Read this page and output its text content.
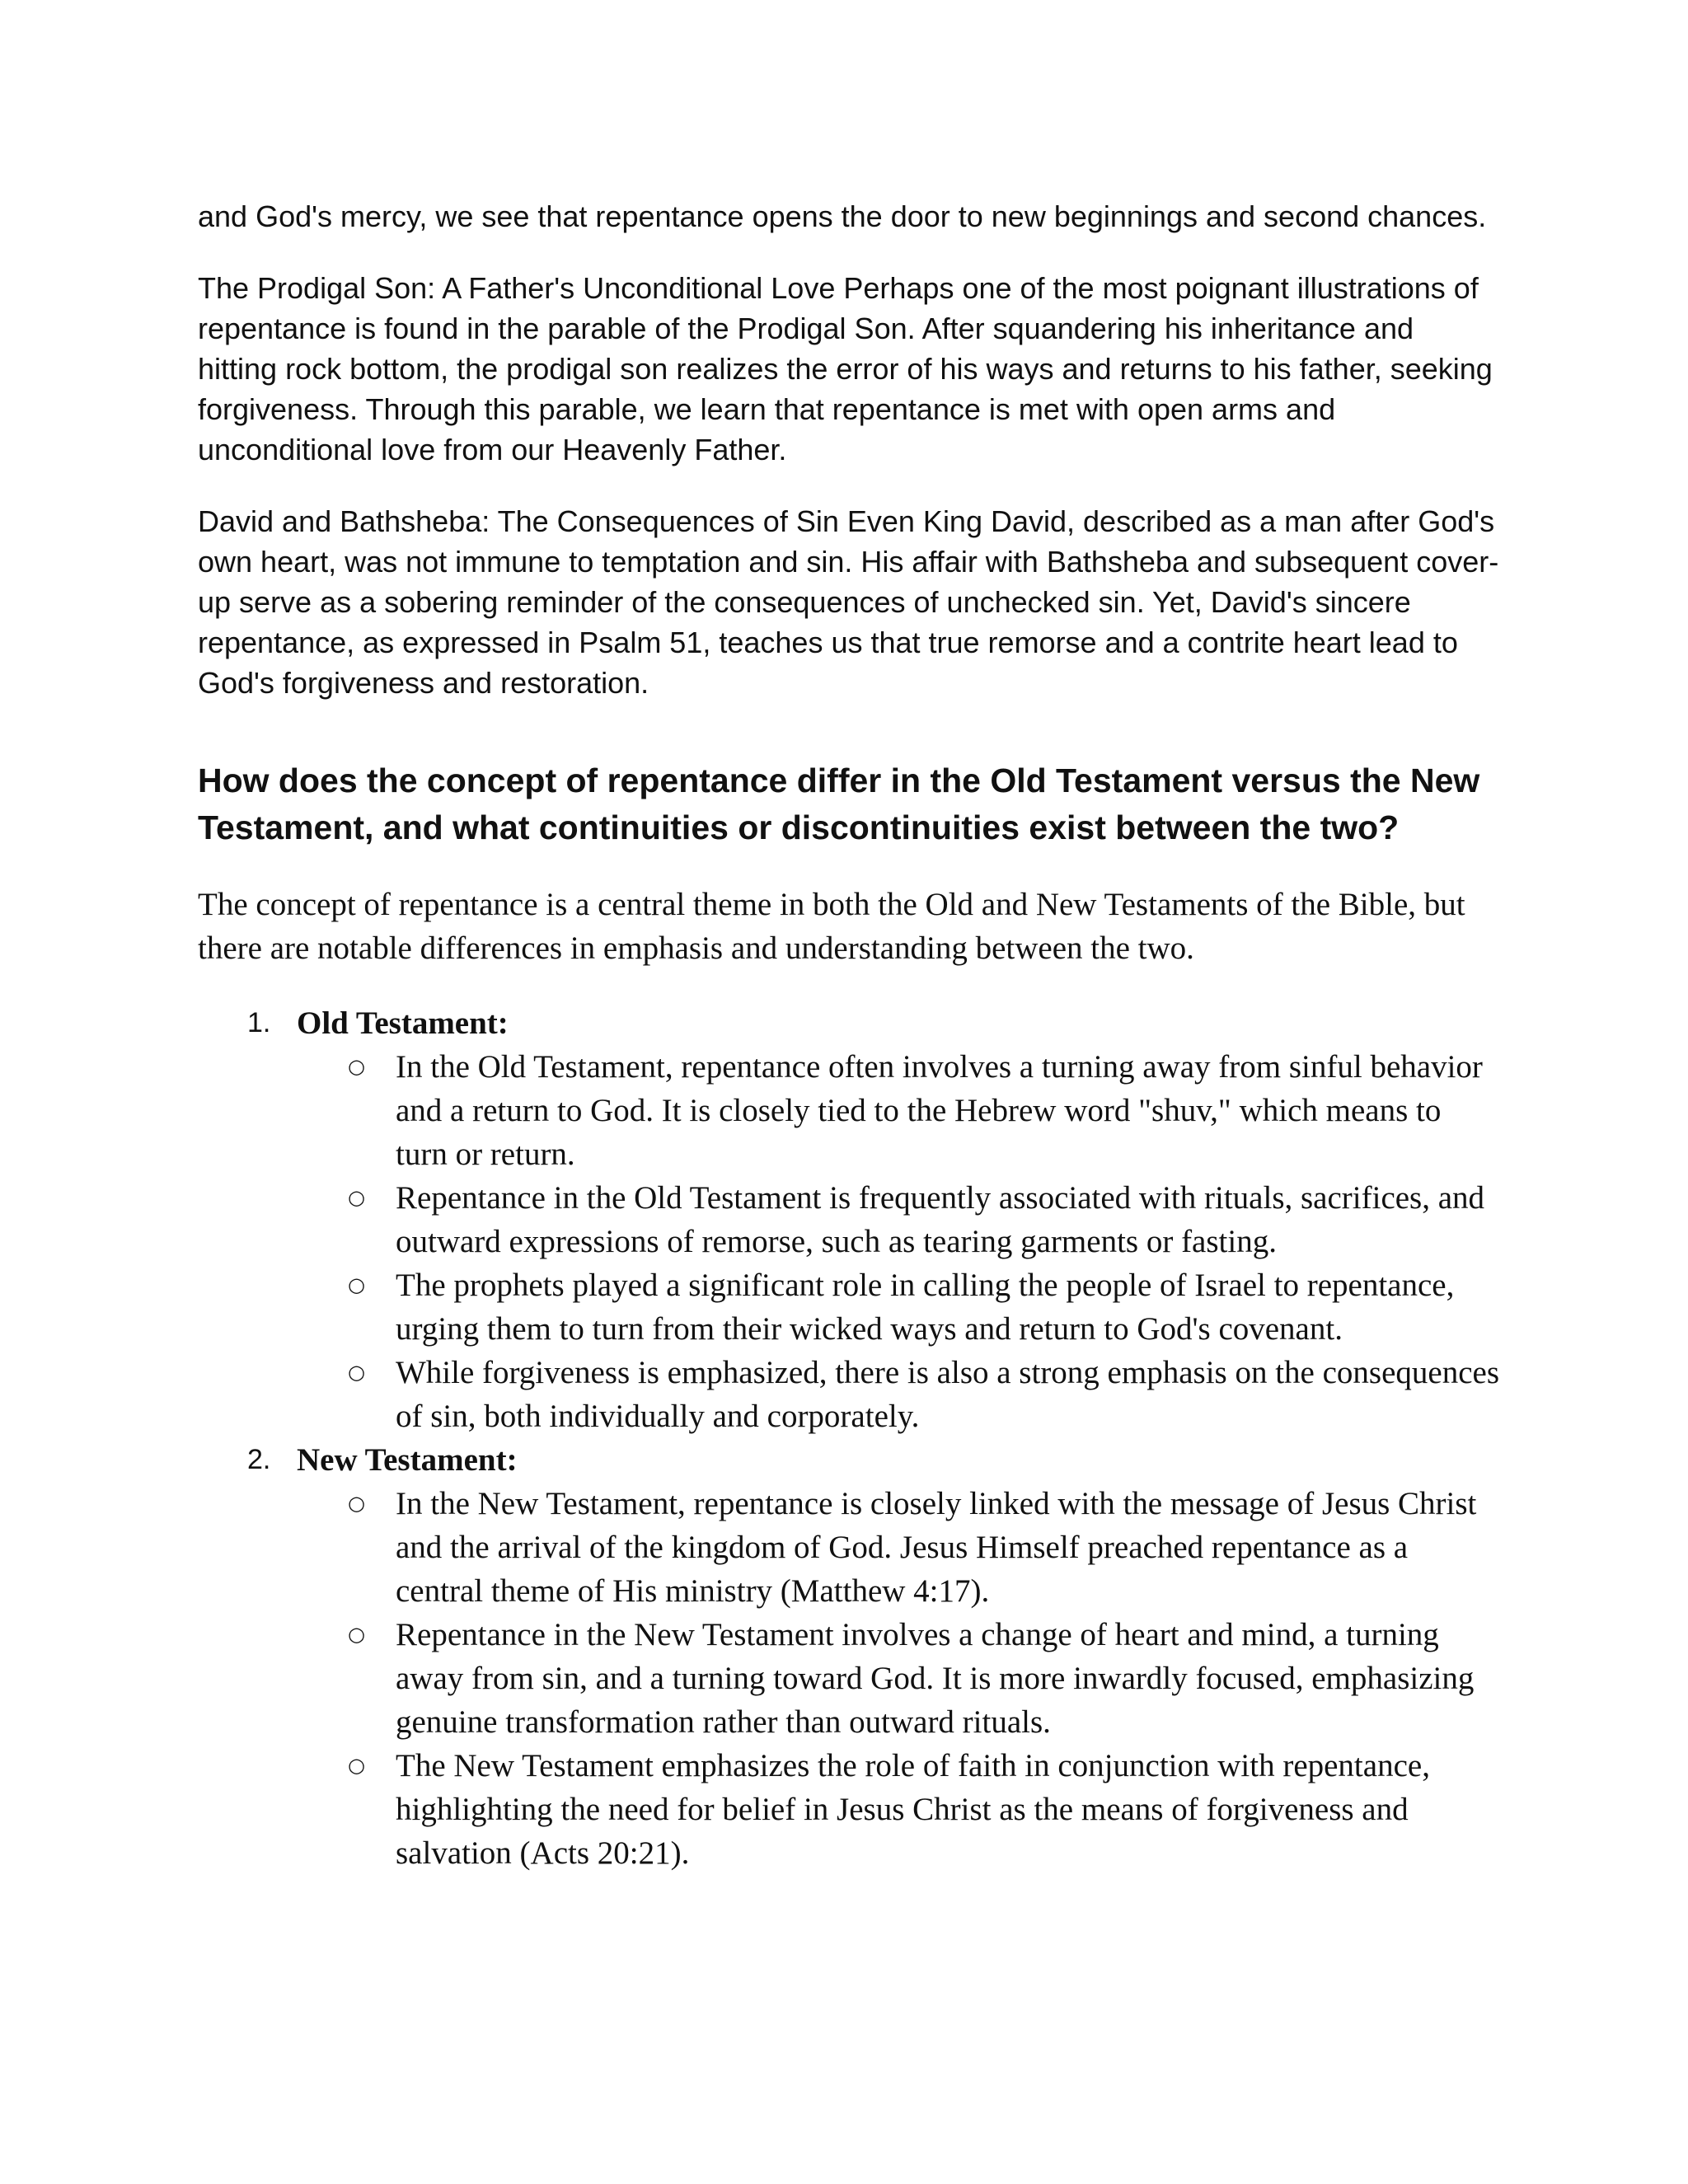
and God's mercy, we see that repentance opens the door to new beginnings and second chances.

The Prodigal Son: A Father's Unconditional Love Perhaps one of the most poignant illustrations of repentance is found in the parable of the Prodigal Son. After squandering his inheritance and hitting rock bottom, the prodigal son realizes the error of his ways and returns to his father, seeking forgiveness. Through this parable, we learn that repentance is met with open arms and unconditional love from our Heavenly Father.

David and Bathsheba: The Consequences of Sin Even King David, described as a man after God's own heart, was not immune to temptation and sin. His affair with Bathsheba and subsequent cover-up serve as a sobering reminder of the consequences of unchecked sin. Yet, David's sincere repentance, as expressed in Psalm 51, teaches us that true remorse and a contrite heart lead to God's forgiveness and restoration.

How does the concept of repentance differ in the Old Testament versus the New Testament, and what continuities or discontinuities exist between the two?

The concept of repentance is a central theme in both the Old and New Testaments of the Bible, but there are notable differences in emphasis and understanding between the two.

1. Old Testament:
○ In the Old Testament, repentance often involves a turning away from sinful behavior and a return to God. It is closely tied to the Hebrew word "shuv," which means to turn or return.
○ Repentance in the Old Testament is frequently associated with rituals, sacrifices, and outward expressions of remorse, such as tearing garments or fasting.
○ The prophets played a significant role in calling the people of Israel to repentance, urging them to turn from their wicked ways and return to God's covenant.
○ While forgiveness is emphasized, there is also a strong emphasis on the consequences of sin, both individually and corporately.
2. New Testament:
○ In the New Testament, repentance is closely linked with the message of Jesus Christ and the arrival of the kingdom of God. Jesus Himself preached repentance as a central theme of His ministry (Matthew 4:17).
○ Repentance in the New Testament involves a change of heart and mind, a turning away from sin, and a turning toward God. It is more inwardly focused, emphasizing genuine transformation rather than outward rituals.
○ The New Testament emphasizes the role of faith in conjunction with repentance, highlighting the need for belief in Jesus Christ as the means of forgiveness and salvation (Acts 20:21).
